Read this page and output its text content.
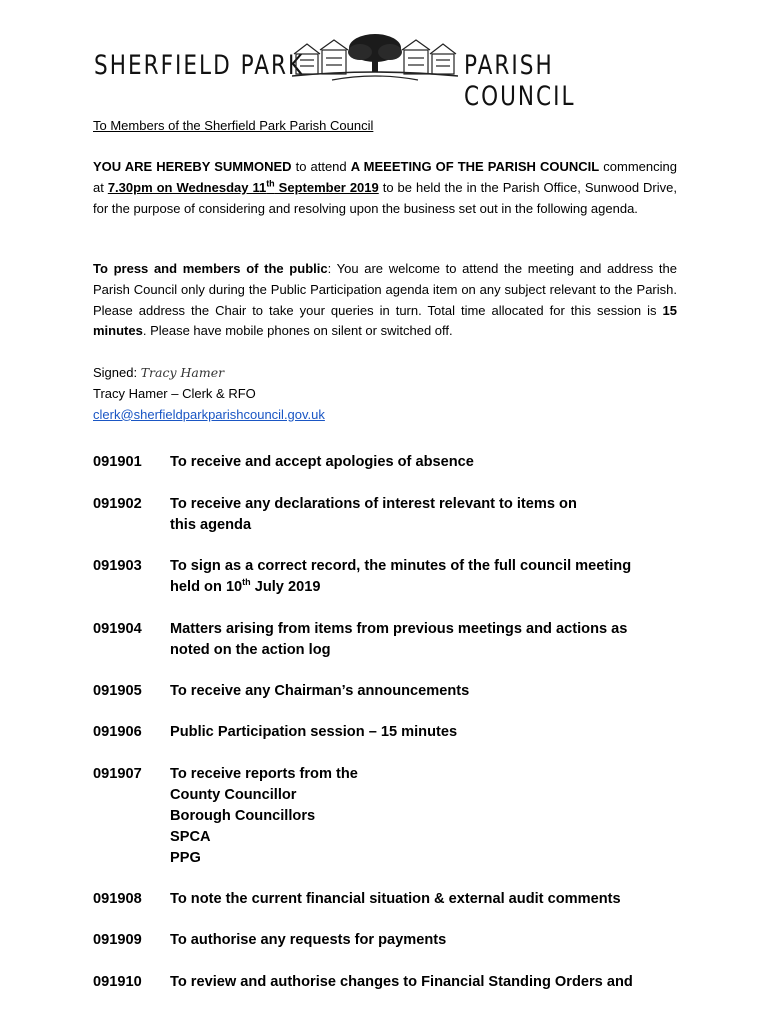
SHERFIELD PARK	PARISH COUNCIL

To Members of the Sherfield Park Parish Council

YOU ARE HEREBY SUMMONED to attend A MEEETING OF THE PARISH COUNCIL commencing at 7.30pm on Wednesday 11th September 2019 to be held the in the Parish Office, Sunwood Drive, for the purpose of considering and resolving upon the business set out in the following agenda.

To press and members of the public: You are welcome to attend the meeting and address the Parish Council only during the Public Participation agenda item on any subject relevant to the Parish. Please address the Chair to take your queries in turn. Total time allocated for this session is 15 minutes. Please have mobile phones on silent or switched off.

Signed: Tracy Hamer

Tracy Hamer – Clerk & RFO

clerk@sherfieldparkparishcouncil.gov.uk

091901 To receive and accept apologies of absence
091902 To receive any declarations of interest relevant to items on
this agenda
091903 To sign as a correct record, the minutes of the full council meeting
held on 10th July 2019
091904 Matters arising from items from previous meetings and actions as
noted on the action log
091905 To receive any Chairman’s announcements
091906 Public Participation session – 15 minutes
091907 To receive reports from the
County Councillor
Borough Councillors
SPCA
PPG
091908 To note the current financial situation & external audit comments
091909 To authorise any requests for payments
091910 To review and authorise changes to Financial Standing Orders and
